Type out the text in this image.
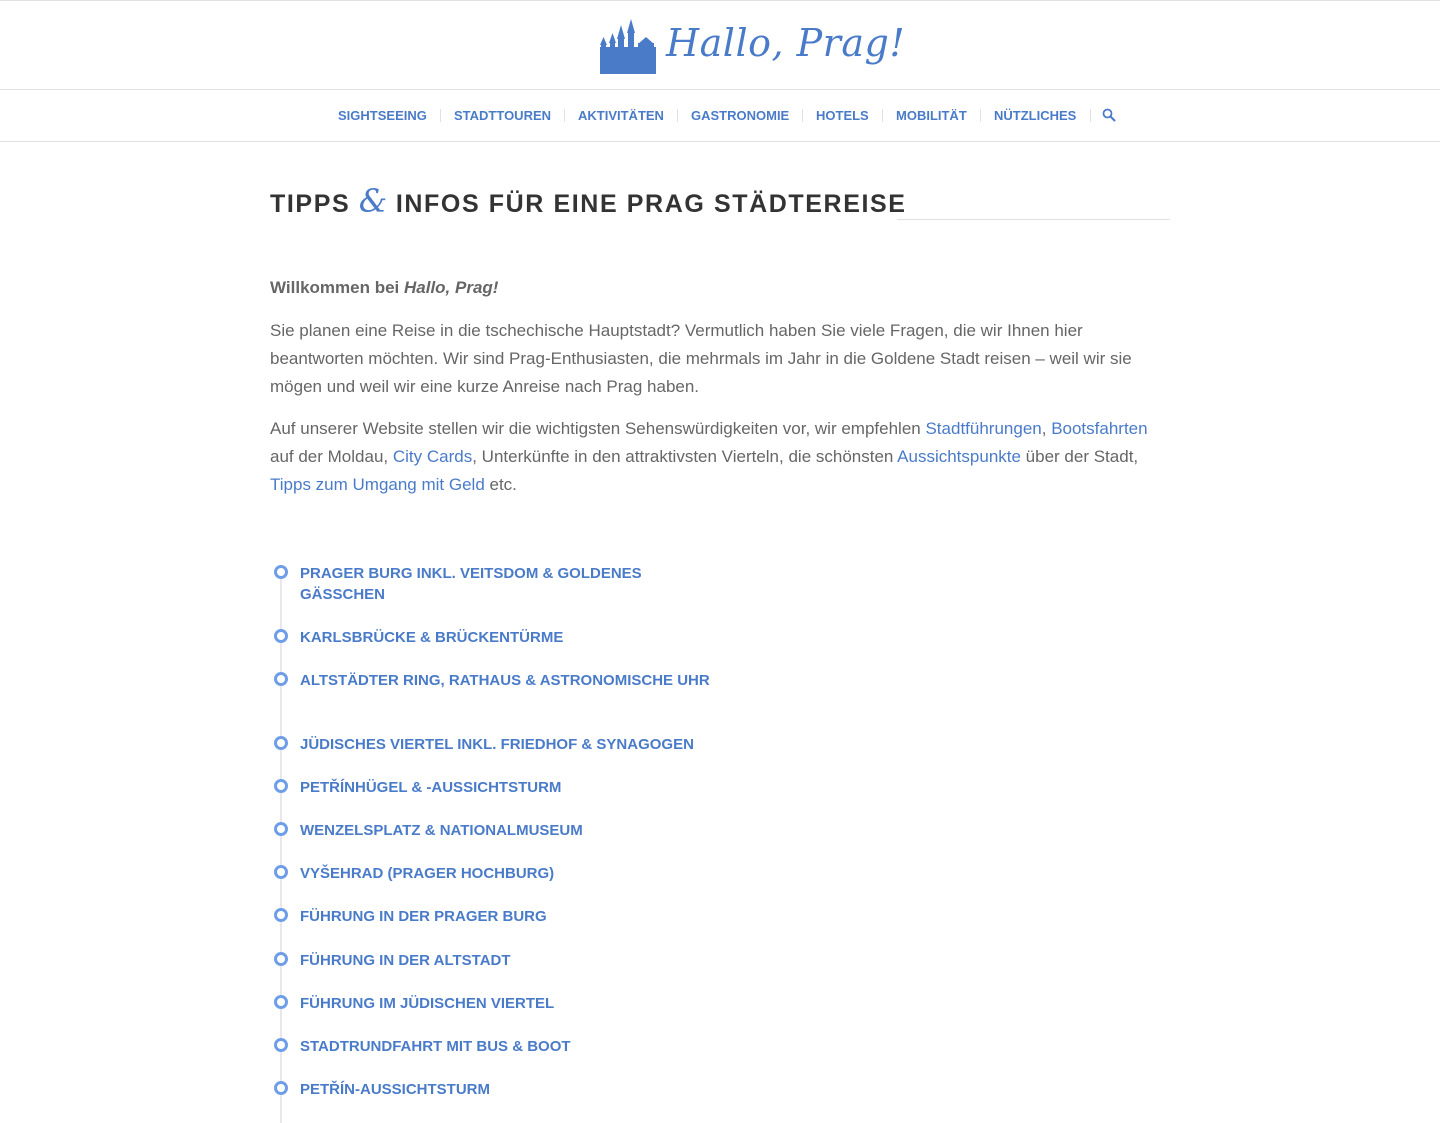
Hallo, Prag!
SIGHTSEEING STADTTOUREN AKTIVITÄTEN GASTRONOMIE HOTELS MOBILITÄT NÜTZLICHES
TIPPS & INFOS FÜR EINE PRAG STÄDTEREISE

Willkommen bei Hallo, Prag!

Sie planen eine Reise in die tschechische Hauptstadt? Vermutlich haben Sie viele Fragen, die wir Ihnen hier beantworten möchten. Wir sind Prag-Enthusiasten, die mehrmals im Jahr in die Goldene Stadt reisen – weil wir sie mögen und weil wir eine kurze Anreise nach Prag haben.

Auf unserer Website stellen wir die wichtigsten Sehenswürdigkeiten vor, wir empfehlen Stadtführungen, Bootsfahrten auf der Moldau, City Cards, Unterkünfte in den attraktivsten Vierteln, die schönsten Aussichtspunkte über der Stadt, Tipps zum Umgang mit Geld etc.

PRAGER BURG INKL. VEITSDOM & GOLDENES GÄSSCHEN
KARLSBRÜCKE & BRÜCKENTÜRME
ALTSTÄDTER RING, RATHAUS & ASTRONOMISCHE UHR
JÜDISCHES VIERTEL INKL. FRIEDHOF & SYNAGOGEN
PETŘÍNHÜGEL & -AUSSICHTSTURM
WENZELSPLATZ & NATIONALMUSEUM
VYŠEHRAD (PRAGER HOCHBURG)
FÜHRUNG IN DER PRAGER BURG
FÜHRUNG IN DER ALTSTADT
FÜHRUNG IM JÜDISCHEN VIERTEL
STADTRUNDFAHRT MIT BUS & BOOT
PETŘÍN-AUSSICHTSTURM
